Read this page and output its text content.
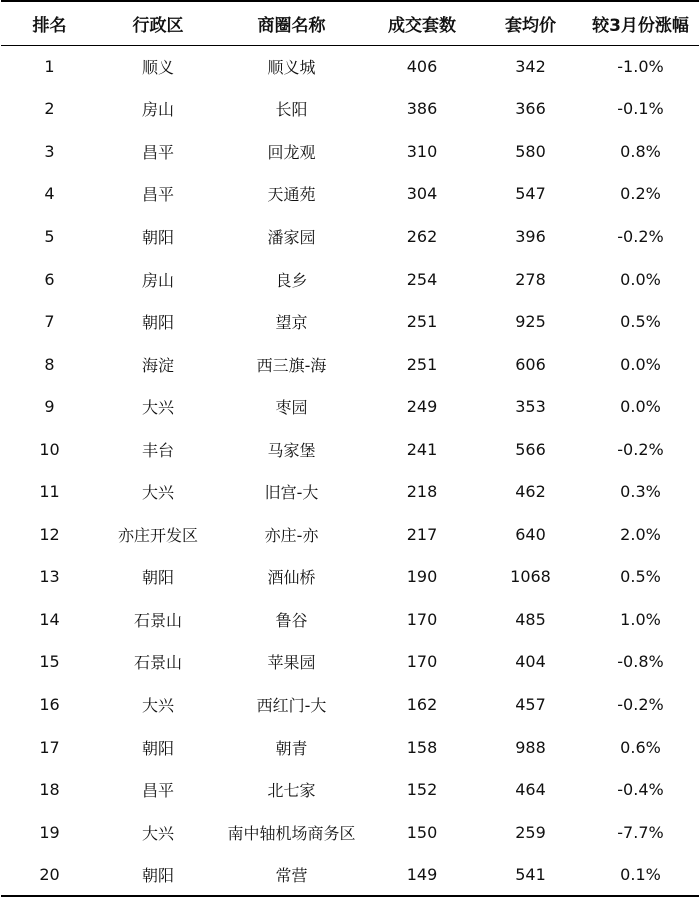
排名	行政区	商圈名称	成交套数	套均价	较3月份涨幅
1	顺义	顺义城	406	342	-1.0%
2	房山	长阳	386	366	-0.1%
3	昌平	回龙观	310	580	0.8%
4	昌平	天通苑	304	547	0.2%
5	朝阳	潘家园	262	396	-0.2%
6	房山	良乡	254	278	0.0%
7	朝阳	望京	251	925	0.5%
8	海淀	西三旗-海	251	606	0.0%
9	大兴	枣园	249	353	0.0%
10	丰台	马家堡	241	566	-0.2%
11	大兴	旧宫-大	218	462	0.3%
12	亦庄开发区	亦庄-亦	217	640	2.0%
13	朝阳	酒仙桥	190	1068	0.5%
14	石景山	鲁谷	170	485	1.0%
15	石景山	苹果园	170	404	-0.8%
16	大兴	西红门-大	162	457	-0.2%
17	朝阳	朝青	158	988	0.6%
18	昌平	北七家	152	464	-0.4%
19	大兴	南中轴机场商务区	150	259	-7.7%
20	朝阳	常营	149	541	0.1%
